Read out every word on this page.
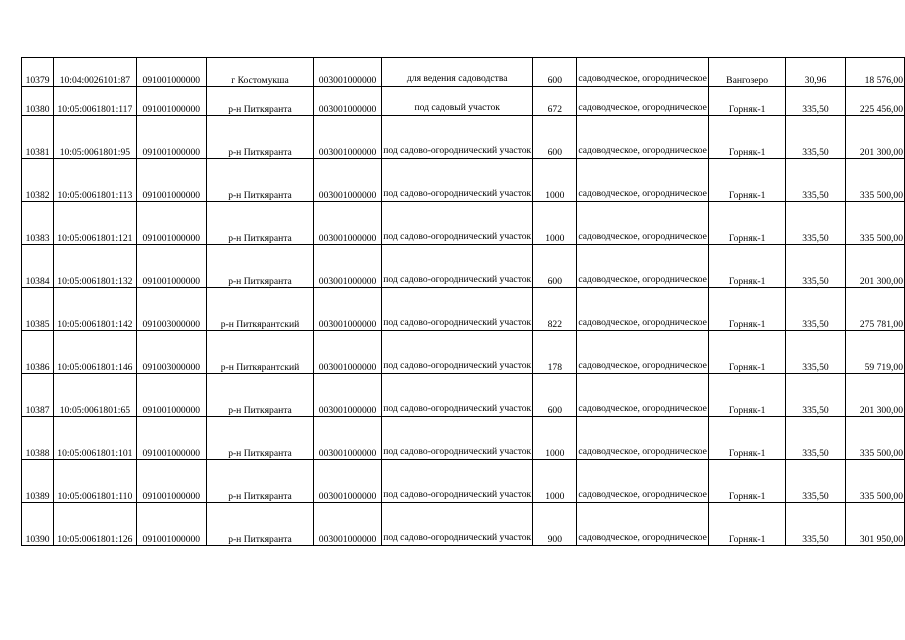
10379	10:04:0026101:87	091001000000	г Костомукша	003001000000	для ведения садоводства	600	садоводческое, огородническое	Вангозеро	30,96	18 576,00
10380	10:05:0061801:117	091001000000	р-н Питкяранта	003001000000	под садовый участок	672	садоводческое, огородническое	Горняк-1	335,50	225 456,00
10381	10:05:0061801:95	091001000000	р-н Питкяранта	003001000000	под садово-огороднический участок	600	садоводческое, огородническое	Горняк-1	335,50	201 300,00
10382	10:05:0061801:113	091001000000	р-н Питкяранта	003001000000	под садово-огороднический участок	1000	садоводческое, огородническое	Горняк-1	335,50	335 500,00
10383	10:05:0061801:121	091001000000	р-н Питкяранта	003001000000	под садово-огороднический участок	1000	садоводческое, огородническое	Горняк-1	335,50	335 500,00
10384	10:05:0061801:132	091001000000	р-н Питкяранта	003001000000	под садово-огороднический участок	600	садоводческое, огородническое	Горняк-1	335,50	201 300,00
10385	10:05:0061801:142	091003000000	р-н Питкярантский	003001000000	под садово-огороднический участок	822	садоводческое, огородническое	Горняк-1	335,50	275 781,00
10386	10:05:0061801:146	091003000000	р-н Питкярантский	003001000000	под садово-огороднический участок	178	садоводческое, огородническое	Горняк-1	335,50	59 719,00
10387	10:05:0061801:65	091001000000	р-н Питкяранта	003001000000	под садово-огороднический участок	600	садоводческое, огородническое	Горняк-1	335,50	201 300,00
10388	10:05:0061801:101	091001000000	р-н Питкяранта	003001000000	под садово-огороднический участок	1000	садоводческое, огородническое	Горняк-1	335,50	335 500,00
10389	10:05:0061801:110	091001000000	р-н Питкяранта	003001000000	под садово-огороднический участок	1000	садоводческое, огородническое	Горняк-1	335,50	335 500,00
10390	10:05:0061801:126	091001000000	р-н Питкяранта	003001000000	под садово-огороднический участок	900	садоводческое, огородническое	Горняк-1	335,50	301 950,00
